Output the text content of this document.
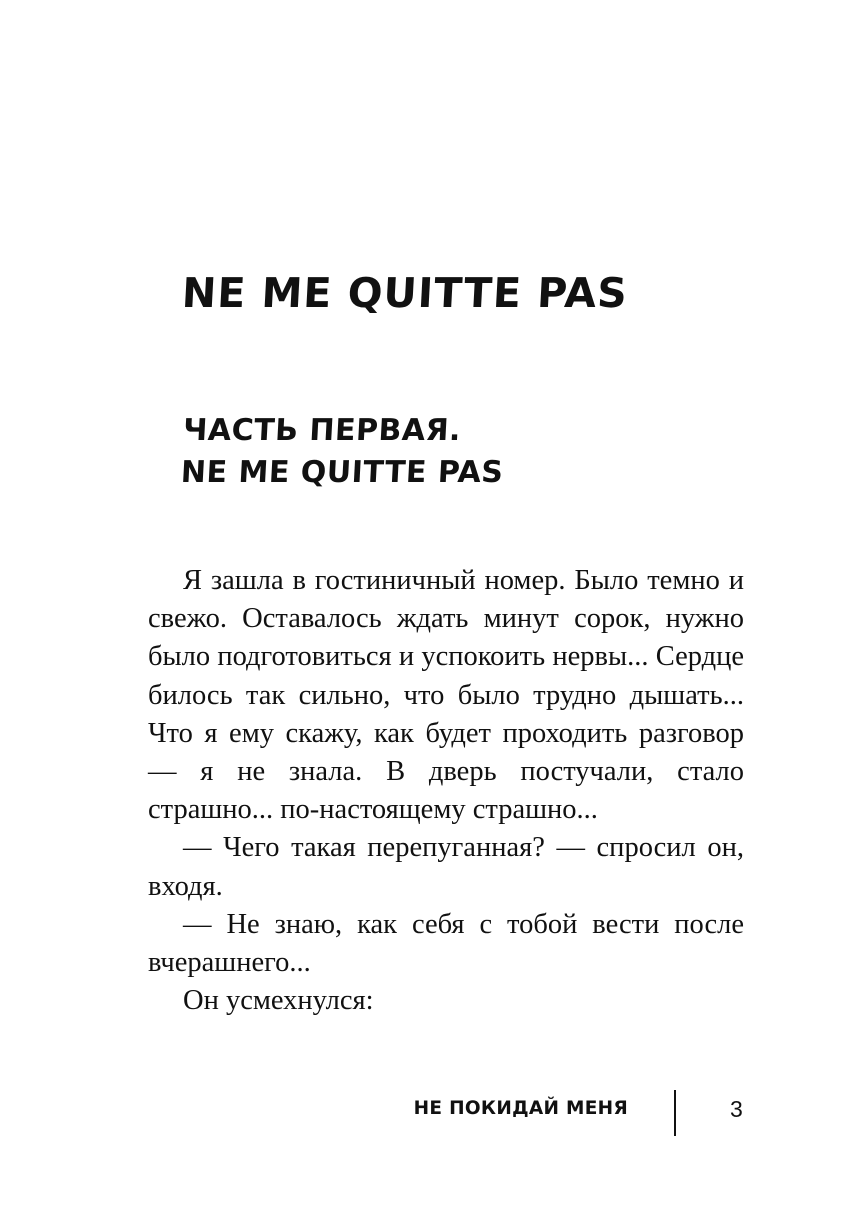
NE ME QUITTE PAS
ЧАСТЬ ПЕРВАЯ.
NE ME QUITTE PAS

Я зашла в гостиничный номер. Было темно и свежо. Оставалось ждать минут сорок, нужно было подготовиться и успокоить нервы... Сердце билось так сильно, что было трудно дышать... Что я ему скажу, как будет проходить разговор — я не знала. В дверь постучали, стало страшно... по-настоящему страшно...

— Чего такая перепуганная? — спросил он, входя.

— Не знаю, как себя с тобой вести после вчерашнего...

Он усмехнулся:

НЕ ПОКИДАЙ МЕНЯ	3
